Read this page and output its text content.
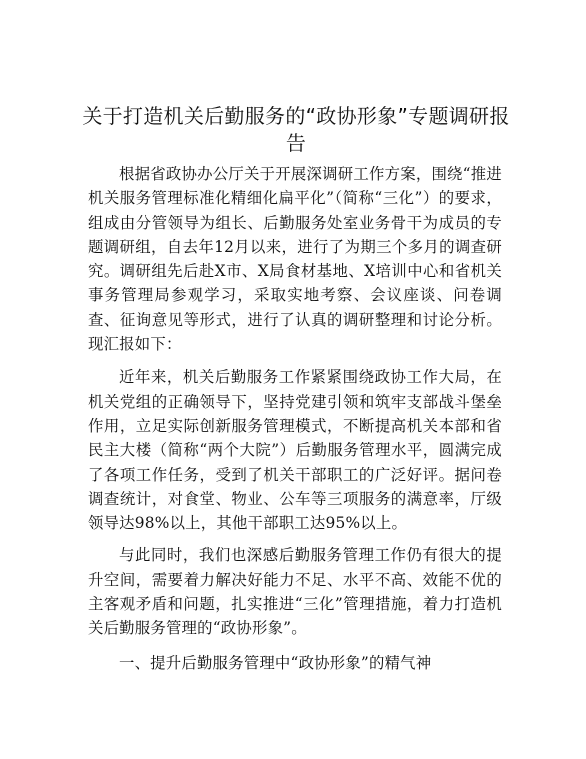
关于打造机关后勤服务的“政协形象”专题调研报告

根据省政协办公厅关于开展深调研工作方案，围绕“推进机关服务管理标准化精细化扁平化”（简称“三化”）的要求，组成由分管领导为组长、后勤服务处室业务骨干为成员的专题调研组，自去年12月以来，进行了为期三个多月的调查研究。调研组先后赴X市、X局食材基地、X培训中心和省机关事务管理局参观学习，采取实地考察、会议座谈、问卷调查、征询意见等形式，进行了认真的调研整理和讨论分析。现汇报如下：

近年来，机关后勤服务工作紧紧围绕政协工作大局，在机关党组的正确领导下，坚持党建引领和筑牢支部战斗堡垒作用，立足实际创新服务管理模式，不断提高机关本部和省民主大楼（简称“两个大院”）后勤服务管理水平，圆满完成了各项工作任务，受到了机关干部职工的广泛好评。据问卷调查统计，对食堂、物业、公车等三项服务的满意率，厅级领导达98%以上，其他干部职工达95%以上。

与此同时，我们也深感后勤服务管理工作仍有很大的提升空间，需要着力解决好能力不足、水平不高、效能不优的主客观矛盾和问题，扎实推进“三化”管理措施，着力打造机关后勤服务管理的“政协形象”。

一、提升后勤服务管理中“政协形象”的精气神
